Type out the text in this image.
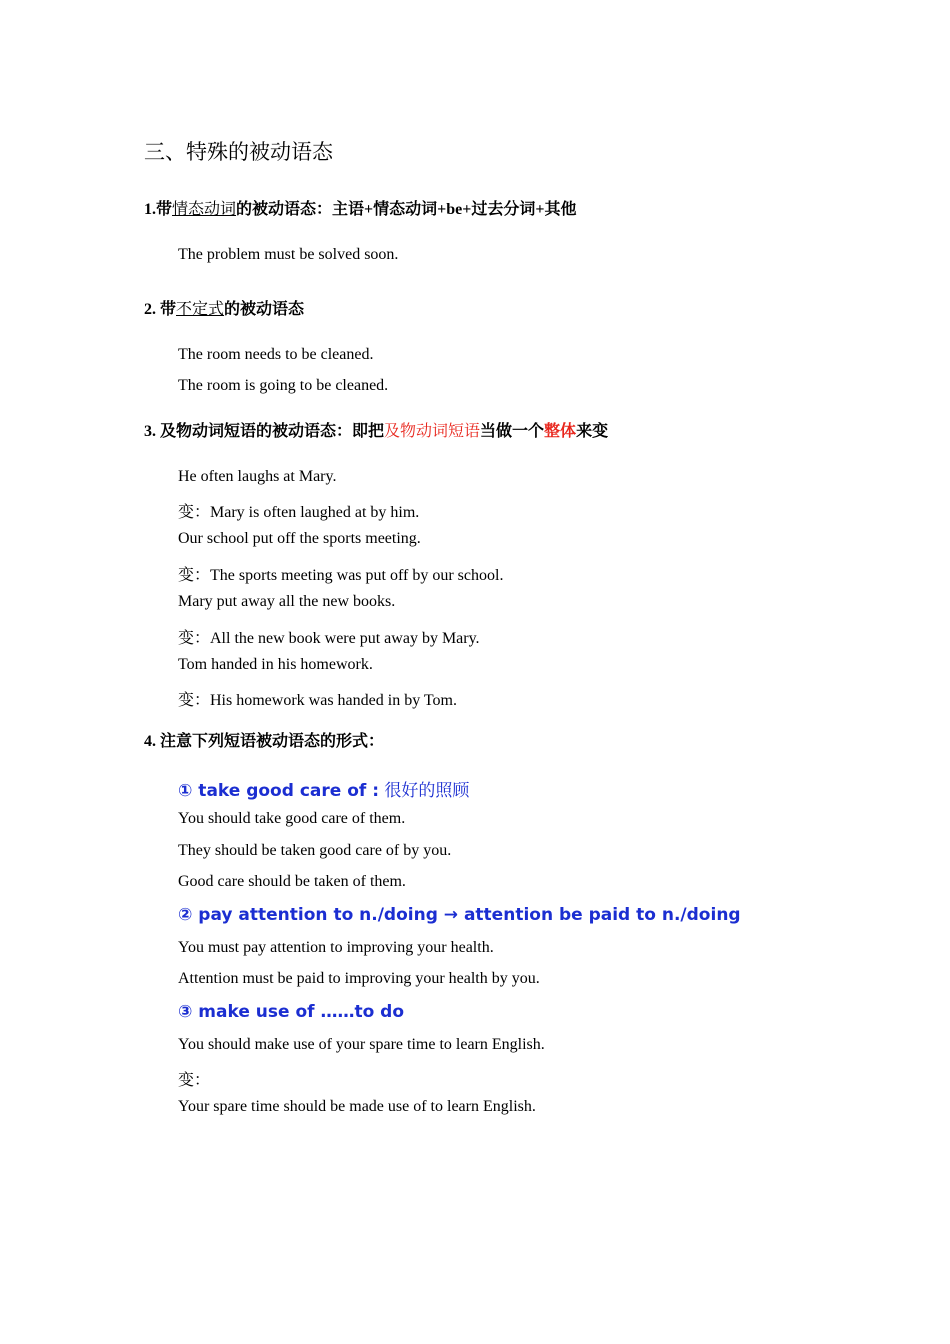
三、特殊的被动语态
1.带情态动词的被动语态：主语+情态动词+be+过去分词+其他
The problem must be solved soon.
2. 带不定式的被动语态
The room needs to be cleaned.
The room is going to be cleaned.
3. 及物动词短语的被动语态：即把及物动词短语当做一个整体来变
He often laughs at Mary.
变：Mary is often laughed at by him.
Our school put off the sports meeting.
变：The sports meeting was put off by our school.
Mary put away all the new books.
变：All the new book were put away by Mary.
Tom handed in his homework.
变：His homework was handed in by Tom.
4. 注意下列短语被动语态的形式：
① take good care of : 很好的照顾
You should take good care of them.
They should be taken good care of by you.
Good care should be taken of them.
② pay attention to n./doing → attention be paid to n./doing
You must pay attention to improving your health.
Attention must be paid to improving your health by you.
③ make use of ……to do
You should make use of your spare time to learn English.
变：
Your spare time should be made use of to learn English.
